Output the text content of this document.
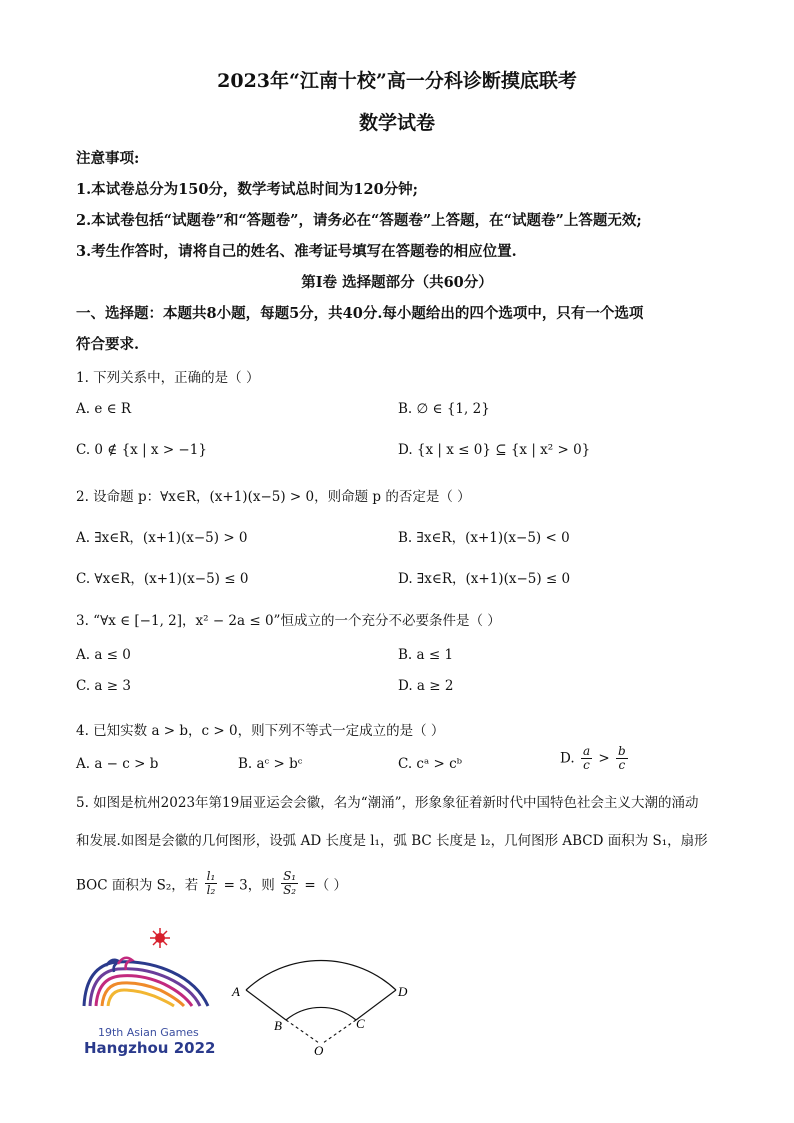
2023年“江南十校”高一分科诊断摸底联考
数学试卷
注意事项:
1.本试卷总分为150分，数学考试总时间为120分钟;
2.本试卷包括“试题卷”和“答题卷”，请务必在“答题卷”上答题，在“试题卷”上答题无效;
3.考生作答时，请将自己的姓名、准考证号填写在答题卷的相应位置.
第I卷 选择题部分（共60分）
一、选择题：本题共8小题，每题5分，共40分.每小题给出的四个选项中，只有一个选项
符合要求.
1. 下列关系中，正确的是（ ）
A. e ∈ R	B. ∅ ∈ {1, 2}
C. 0 ∉ {x | x > −1}	D. {x | x ≤ 0} ⊆ {x | x² > 0}
2. 设命题 p：∀x∈R，(x+1)(x−5) > 0，则命题 p 的否定是（ ）
A. ∃x∈R，(x+1)(x−5) > 0	B. ∃x∈R，(x+1)(x−5) < 0
C. ∀x∈R，(x+1)(x−5) ≤ 0	D. ∃x∈R，(x+1)(x−5) ≤ 0
3. “∀x ∈ [−1, 2]，x² − 2a ≤ 0”恒成立的一个充分不必要条件是（ ）
A. a ≤ 0	B. a ≤ 1
C. a ≥ 3	D. a ≥ 2
4. 已知实数 a > b，c > 0，则下列不等式一定成立的是（ ）
A. a − c > b	B. aᶜ > bᶜ	C. cᵃ > cᵇ	D. $\frac{a}{c} > \frac{b}{c}$
5. 如图是杭州2023年第19届亚运会会徽，名为“潮涌”，形象象征着新时代中国特色社会主义大潮的涌动
和发展.如图是会徽的几何图形，设弧 AD 长度是 l₁，弧 BC 长度是 l₂，几何图形 ABCD 面积为 S₁，扇形
BOC 面积为 S₂，若 $\frac{\text{l₁}}{\text{l₂}} = 3$，则 $\frac{\text{S₁}}{\text{S₂}}$ =（ ）
19th Asian Games
Hangzhou 2022
A	D
B	C
O
